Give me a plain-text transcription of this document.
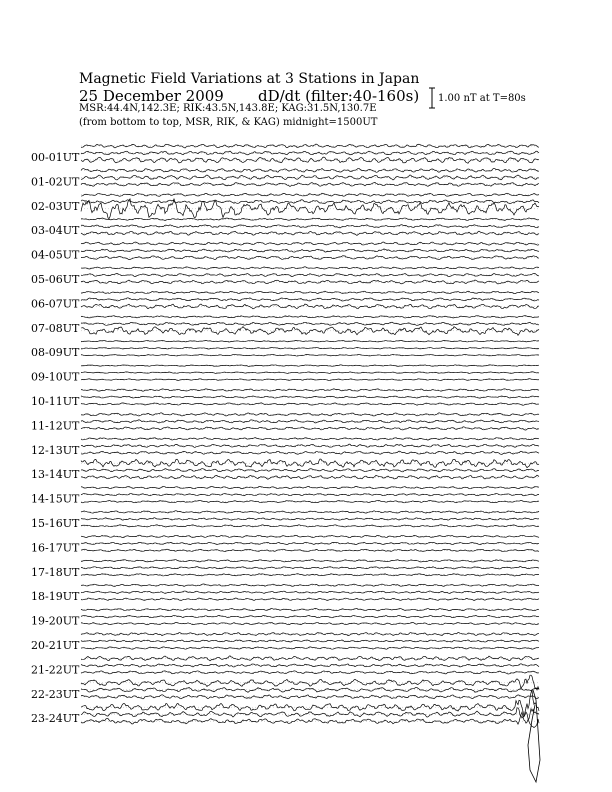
Magnetic Field Variations at 3 Stations in Japan
25 December 2009 dD/dt (filter:40-160s)
MSR:44.4N,142.3E; RIK:43.5N,143.8E; KAG:31.5N,130.7E
(from bottom to top, MSR, RIK, & KAG) midnight=1500UT
1.00 nT at T=80s
00-01UT
01-02UT
02-03UT
03-04UT
04-05UT
05-06UT
06-07UT
07-08UT
08-09UT
09-10UT
10-11UT
11-12UT
12-13UT
13-14UT
14-15UT
15-16UT
16-17UT
17-18UT
18-19UT
19-20UT
20-21UT
21-22UT
22-23UT
23-24UT
